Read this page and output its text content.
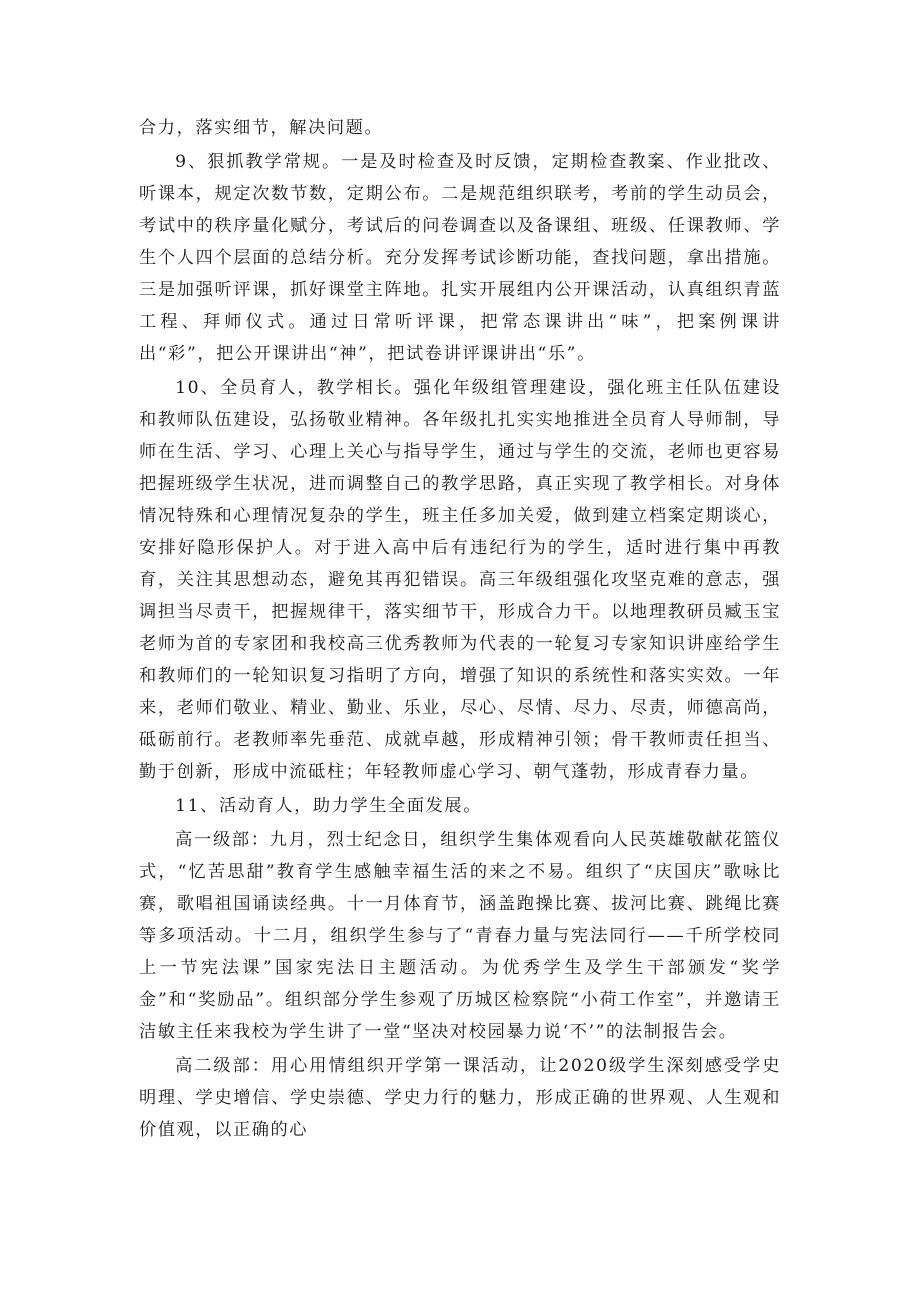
合力，落实细节，解决问题。

9、狠抓教学常规。一是及时检查及时反馈，定期检查教案、作业批改、听课本，规定次数节数，定期公布。二是规范组织联考，考前的学生动员会，考试中的秩序量化赋分，考试后的问卷调查以及备课组、班级、任课教师、学生个人四个层面的总结分析。充分发挥考试诊断功能，查找问题，拿出措施。三是加强听评课，抓好课堂主阵地。扎实开展组内公开课活动，认真组织青蓝工程、拜师仪式。通过日常听评课，把常态课讲出“味”，把案例课讲出“彩”，把公开课讲出“神”，把试卷讲评课讲出“乐”。

10、全员育人，教学相长。强化年级组管理建设，强化班主任队伍建设和教师队伍建设，弘扬敬业精神。各年级扎扎实实地推进全员育人导师制，导师在生活、学习、心理上关心与指导学生，通过与学生的交流，老师也更容易把握班级学生状况，进而调整自己的教学思路，真正实现了教学相长。对身体情况特殊和心理情况复杂的学生，班主任多加关爱，做到建立档案定期谈心，安排好隐形保护人。对于进入高中后有违纪行为的学生，适时进行集中再教育，关注其思想动态，避免其再犯错误。高三年级组强化攻坚克难的意志，强调担当尽责干，把握规律干，落实细节干，形成合力干。以地理教研员臧玉宝老师为首的专家团和我校高三优秀教师为代表的一轮复习专家知识讲座给学生和教师们的一轮知识复习指明了方向，增强了知识的系统性和落实实效。一年来，老师们敬业、精业、勤业、乐业，尽心、尽情、尽力、尽责，师德高尚，砥砺前行。老教师率先垂范、成就卓越，形成精神引领；骨干教师责任担当、勤于创新，形成中流砥柱；年轻教师虚心学习、朝气蓬勃，形成青春力量。

11、活动育人，助力学生全面发展。

高一级部：九月，烈士纪念日，组织学生集体观看向人民英雄敬献花篮仪式，“忆苦思甜”教育学生感触幸福生活的来之不易。组织了“庆国庆”歌咏比赛，歌唱祖国诵读经典。十一月体育节，涵盖跑操比赛、拔河比赛、跳绳比赛等多项活动。十二月，组织学生参与了“青春力量与宪法同行——千所学校同上一节宪法课”国家宪法日主题活动。为优秀学生及学生干部颁发“奖学金”和“奖励品”。组织部分学生参观了历城区检察院“小荷工作室”，并邀请王洁敏主任来我校为学生讲了一堂“坚决对校园暴力说‘不’”的法制报告会。

高二级部：用心用情组织开学第一课活动，让2020级学生深刻感受学史明理、学史增信、学史崇德、学史力行的魅力，形成正确的世界观、人生观和价值观，以正确的心
